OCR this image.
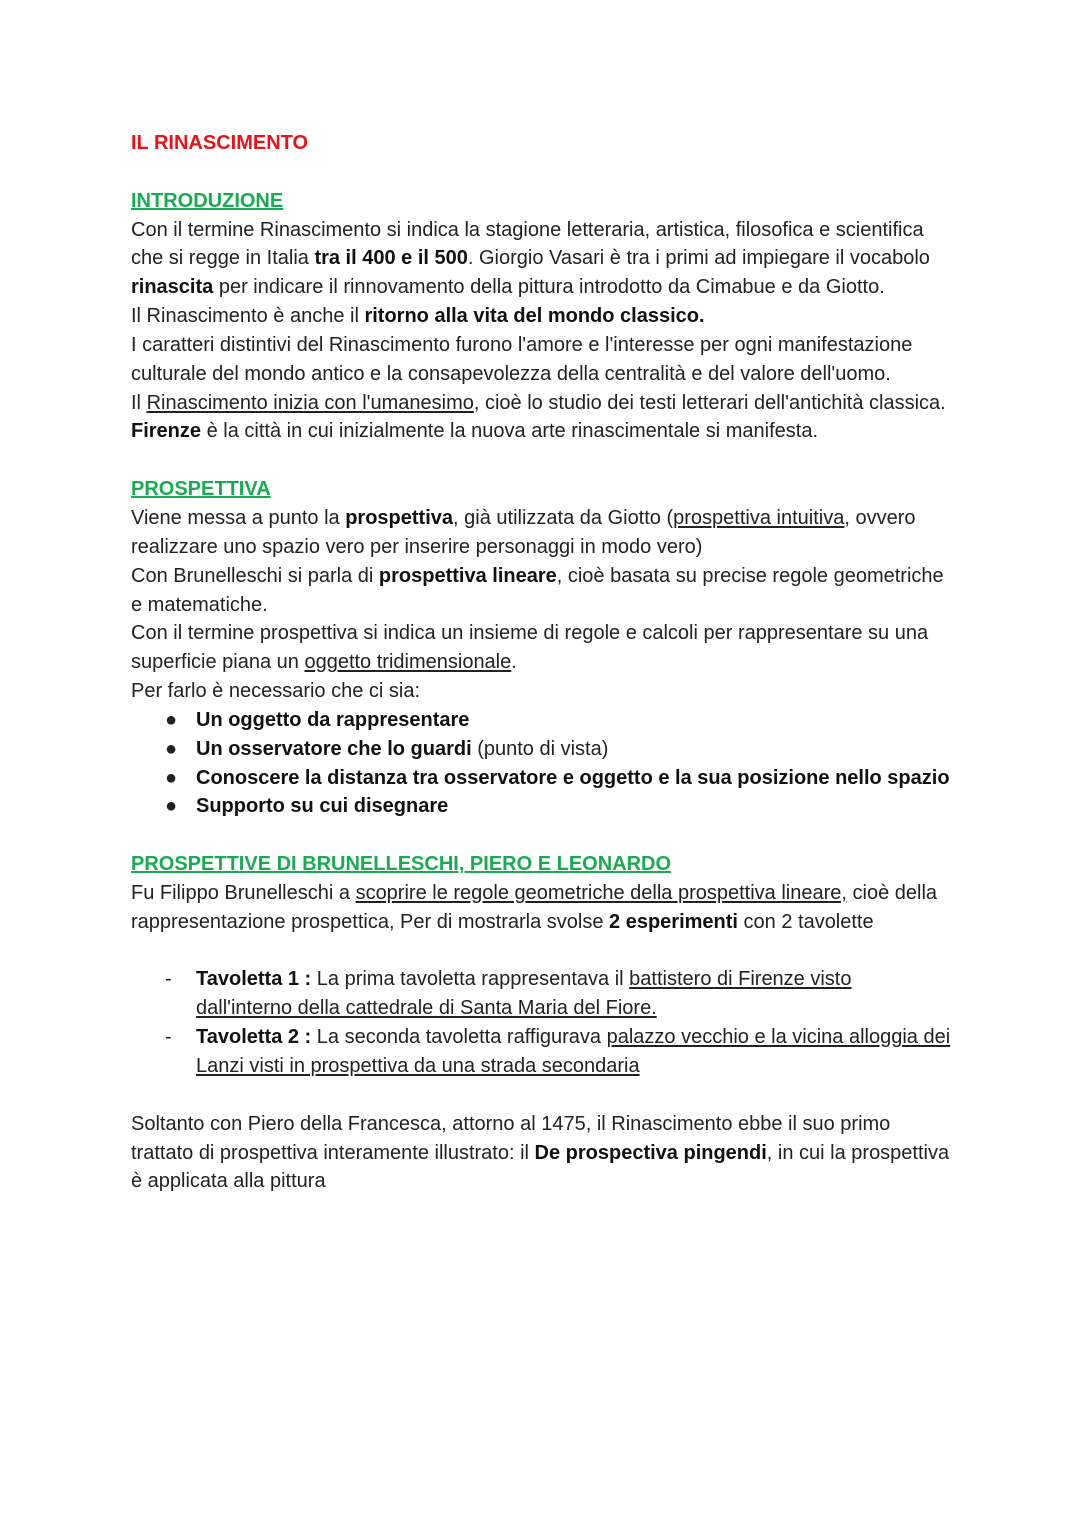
IL RINASCIMENTO

INTRODUZIONE

Con il termine Rinascimento si indica la stagione letteraria, artistica, filosofica e scientifica che si regge in Italia tra il 400 e il 500. Giorgio Vasari è tra i primi ad impiegare il vocabolo rinascita per indicare il rinnovamento della pittura introdotto da Cimabue e da Giotto.

Il Rinascimento è anche il ritorno alla vita del mondo classico.

I caratteri distintivi del Rinascimento furono l'amore e l'interesse per ogni manifestazione culturale del mondo antico e la consapevolezza della centralità e del valore dell'uomo.

Il Rinascimento inizia con l'umanesimo, cioè lo studio dei testi letterari dell'antichità classica.

Firenze è la città in cui inizialmente la nuova arte rinascimentale si manifesta.

PROSPETTIVA

Viene messa a punto la prospettiva, già utilizzata da Giotto (prospettiva intuitiva, ovvero realizzare uno spazio vero per inserire personaggi in modo vero)

Con Brunelleschi si parla di prospettiva lineare, cioè basata su precise regole geometriche e matematiche.

Con il termine prospettiva si indica un insieme di regole e calcoli per rappresentare su una superficie piana un oggetto tridimensionale.

Per farlo è necessario che ci sia:

● Un oggetto da rappresentare
● Un osservatore che lo guardi (punto di vista)
● Conoscere la distanza tra osservatore e oggetto e la sua posizione nello spazio
● Supporto su cui disegnare

PROSPETTIVE DI BRUNELLESCHI, PIERO E LEONARDO

Fu Filippo Brunelleschi a scoprire le regole geometriche della prospettiva lineare, cioè della rappresentazione prospettica, Per di mostrarla svolse 2 esperimenti con 2 tavolette

- Tavoletta 1 : La prima tavoletta rappresentava il battistero di Firenze visto dall'interno della cattedrale di Santa Maria del Fiore.
- Tavoletta 2 : La seconda tavoletta raffigurava palazzo vecchio e la vicina alloggia dei Lanzi visti in prospettiva da una strada secondaria

Soltanto con Piero della Francesca, attorno al 1475, il Rinascimento ebbe il suo primo trattato di prospettiva interamente illustrato: il De prospectiva pingendi, in cui la prospettiva è applicata alla pittura
